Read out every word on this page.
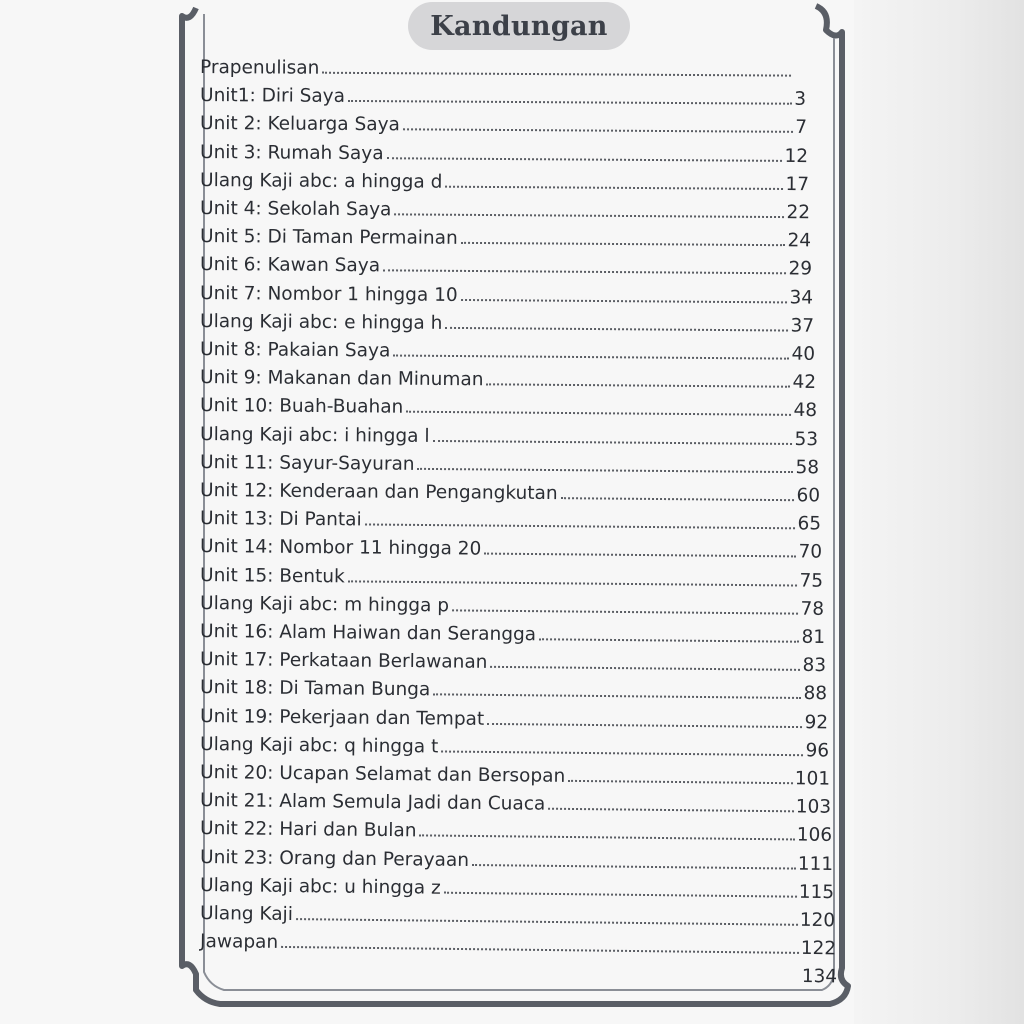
Kandungan
Prapenulisan
Unit1: Diri Saya	3
Unit 2: Keluarga Saya	7
Unit 3: Rumah Saya	12
Ulang Kaji abc: a hingga d	17
Unit 4: Sekolah Saya	22
Unit 5: Di Taman Permainan	24
Unit 6: Kawan Saya	29
Unit 7: Nombor 1 hingga 10	34
Ulang Kaji abc: e hingga h	37
Unit 8: Pakaian Saya	40
Unit 9: Makanan dan Minuman	42
Unit 10: Buah-Buahan	48
Ulang Kaji abc: i hingga l	53
Unit 11: Sayur-Sayuran	58
Unit 12: Kenderaan dan Pengangkutan	60
Unit 13: Di Pantai	65
Unit 14: Nombor 11 hingga 20	70
Unit 15: Bentuk	75
Ulang Kaji abc: m hingga p	78
Unit 16: Alam Haiwan dan Serangga	81
Unit 17: Perkataan Berlawanan	83
Unit 18: Di Taman Bunga	88
Unit 19: Pekerjaan dan Tempat	92
Ulang Kaji abc: q hingga t	96
Unit 20: Ucapan Selamat dan Bersopan	101
Unit 21: Alam Semula Jadi dan Cuaca	103
Unit 22: Hari dan Bulan	106
Unit 23: Orang dan Perayaan	111
Ulang Kaji abc: u hingga z	115
Ulang Kaji	120
Jawapan	122
134
